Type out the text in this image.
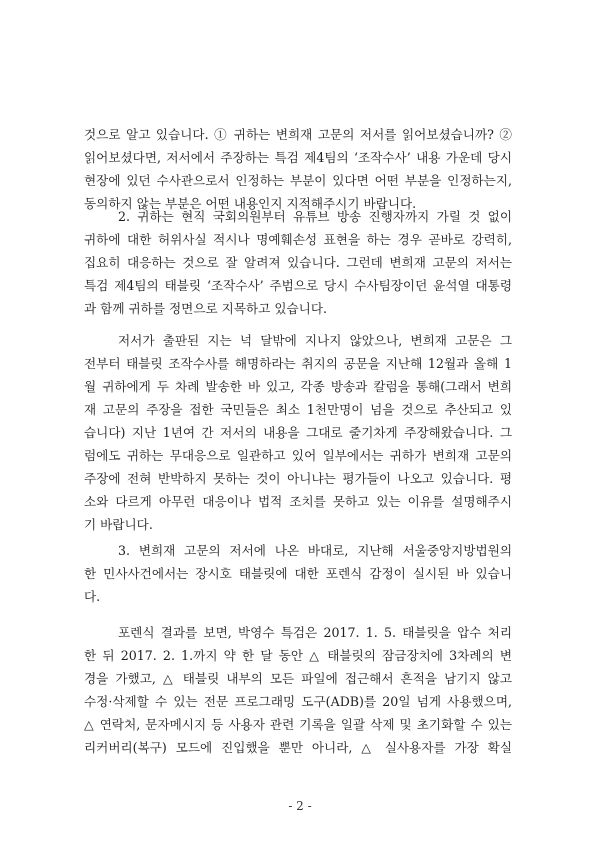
것으로 알고 있습니다. ① 귀하는 변희재 고문의 저서를 읽어보셨습니까? ②
읽어보셨다면, 저서에서 주장하는 특검 제4팀의 ‘조작수사’ 내용 가운데 당시
현장에 있던 수사관으로서 인정하는 부분이 있다면 어떤 부분을 인정하는지,
동의하지 않는 부분은 어떤 내용인지 지적해주시기 바랍니다.
2. 귀하는 현직 국회의원부터 유튜브 방송 진행자까지 가릴 것 없이
귀하에 대한 허위사실 적시나 명예훼손성 표현을 하는 경우 곧바로 강력히,
집요히 대응하는 것으로 잘 알려져 있습니다. 그런데 변희재 고문의 저서는
특검 제4팀의 태블릿 ‘조작수사’ 주범으로 당시 수사팀장이던 윤석열 대통령
과 함께 귀하를 정면으로 지목하고 있습니다.
저서가 출판된 지는 넉 달밖에 지나지 않았으나, 변희재 고문은 그
전부터 태블릿 조작수사를 해명하라는 취지의 공문을 지난해 12월과 올해 1
월 귀하에게 두 차례 발송한 바 있고, 각종 방송과 칼럼을 통해(그래서 변희
재 고문의 주장을 접한 국민들은 최소 1천만명이 넘을 것으로 추산되고 있
습니다) 지난 1년여 간 저서의 내용을 그대로 줄기차게 주장해왔습니다. 그
럼에도 귀하는 무대응으로 일관하고 있어 일부에서는 귀하가 변희재 고문의
주장에 전혀 반박하지 못하는 것이 아니냐는 평가들이 나오고 있습니다. 평
소와 다르게 아무런 대응이나 법적 조치를 못하고 있는 이유를 설명해주시
기 바랍니다.
3. 변희재 고문의 저서에 나온 바대로, 지난해 서울중앙지방법원의
한 민사사건에서는 장시호 태블릿에 대한 포렌식 감정이 실시된 바 있습니
다.
포렌식 결과를 보면, 박영수 특검은 2017. 1. 5. 태블릿을 압수 처리
한 뒤 2017. 2. 1.까지 약 한 달 동안 △ 태블릿의 잠금장치에 3차례의 변
경을 가했고, △ 태블릿 내부의 모든 파일에 접근해서 흔적을 남기지 않고
수정·삭제할 수 있는 전문 프로그래밍 도구(ADB)를 20일 넘게 사용했으며,
△ 연락처, 문자메시지 등 사용자 관련 기록을 일괄 삭제 및 초기화할 수 있는
리커버리(복구) 모드에 진입했을 뿐만 아니라, △ 실사용자를 가장 확실
- 2 -
